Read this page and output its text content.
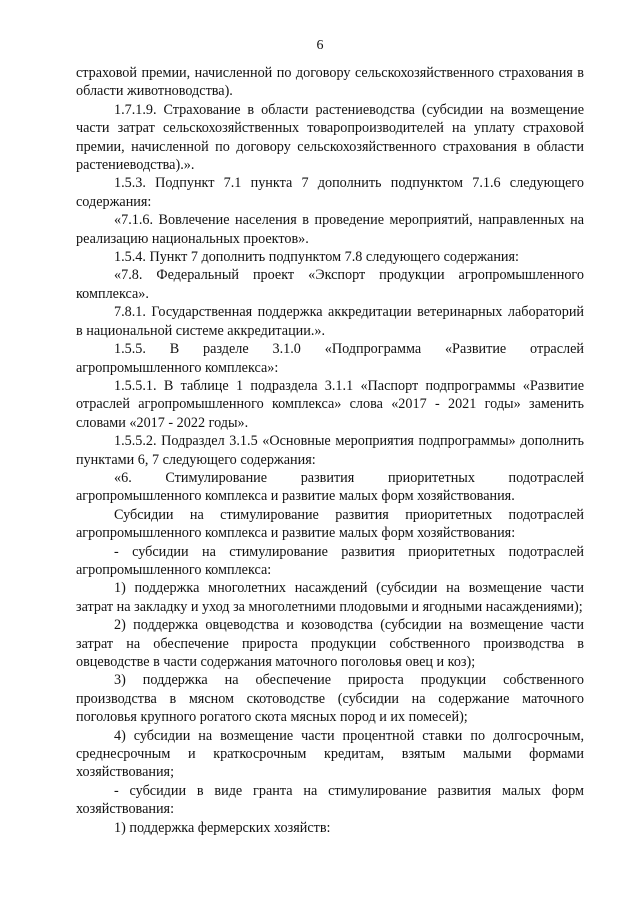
6

страховой премии, начисленной по договору сельскохозяйственного страхования в области животноводства).

1.7.1.9. Страхование в области растениеводства (субсидии на возмещение части затрат сельскохозяйственных товаропроизводителей на уплату страховой премии, начисленной по договору сельскохозяйственного страхования в области растениеводства).».

1.5.3. Подпункт 7.1 пункта 7 дополнить подпунктом 7.1.6 следующего содержания:

«7.1.6. Вовлечение населения в проведение мероприятий, направленных на реализацию национальных проектов».

1.5.4. Пункт 7 дополнить подпунктом 7.8 следующего содержания:

«7.8. Федеральный проект «Экспорт продукции агропромышленного комплекса».

7.8.1. Государственная поддержка аккредитации ветеринарных лабораторий в национальной системе аккредитации.».

1.5.5. В разделе 3.1.0 «Подпрограмма «Развитие отраслей агропромышленного комплекса»:

1.5.5.1. В таблице 1 подраздела 3.1.1 «Паспорт подпрограммы «Развитие отраслей агропромышленного комплекса» слова «2017 - 2021 годы» заменить словами «2017 - 2022 годы».

1.5.5.2. Подраздел 3.1.5 «Основные мероприятия подпрограммы» дополнить пунктами 6, 7 следующего содержания:

«6. Стимулирование развития приоритетных подотраслей агропромышленного комплекса и развитие малых форм хозяйствования.

Субсидии на стимулирование развития приоритетных подотраслей агропромышленного комплекса и развитие малых форм хозяйствования:

- субсидии на стимулирование развития приоритетных подотраслей агропромышленного комплекса:

1) поддержка многолетних насаждений (субсидии на возмещение части затрат на закладку и уход за многолетними плодовыми и ягодными насаждениями);

2) поддержка овцеводства и козоводства (субсидии на возмещение части затрат на обеспечение прироста продукции собственного производства в овцеводстве в части содержания маточного поголовья овец и коз);

3) поддержка на обеспечение прироста продукции собственного производства в мясном скотоводстве (субсидии на содержание маточного поголовья крупного рогатого скота мясных пород и их помесей);

4) субсидии на возмещение части процентной ставки по долгосрочным, среднесрочным и краткосрочным кредитам, взятым малыми формами хозяйствования;

- субсидии в виде гранта на стимулирование развития малых форм хозяйствования:

1) поддержка фермерских хозяйств:
